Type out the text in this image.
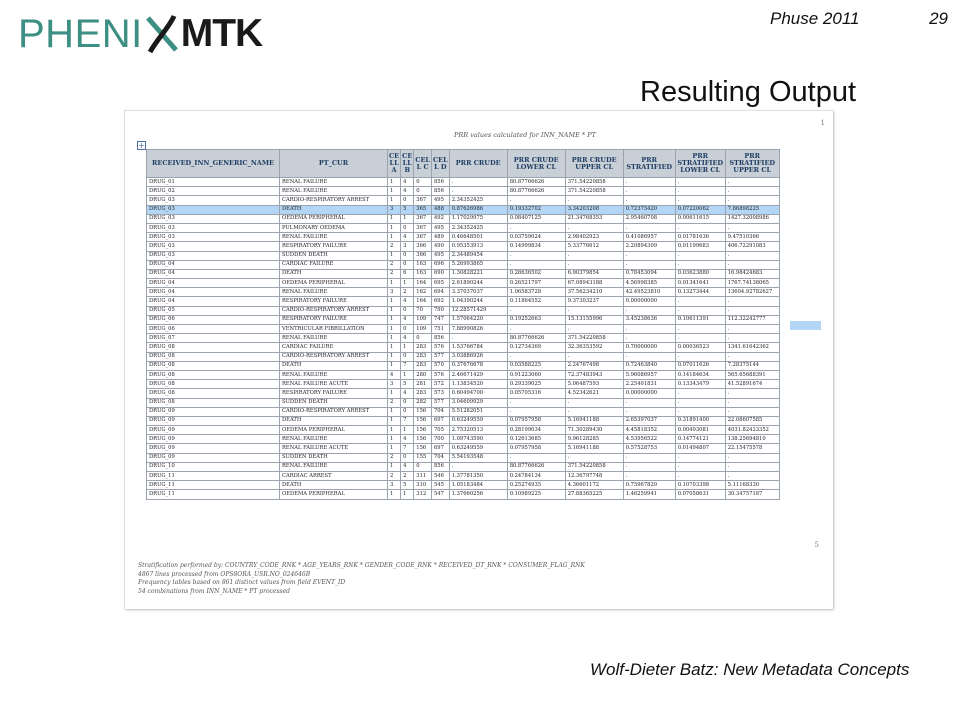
PHENI MTK	Phuse 2011	29
Resulting Output
1
5
+
PRR values calculated for INN_NAME * PT
RECEIVED_INN_GENERIC_NAME	PT_CUR	CE LL A	CE LL B	CEL L C	CEL L D	PRR CRUDE	PRR CRUDE LOWER CL	PRR CRUDE UPPER CL	PRR STRATIFIED	PRR STRATIFIED LOWER CL	PRR STRATIFIED UPPER CL
DRUG_01	RENAL FAILURE	1	4	0	856	.	80.87766626	371.54220858	.	.	.
DRUG_02	RENAL FAILURE	1	4	0	856	.	80.87766626	371.54220858	.	.	.
DRUG_03	CARDIO-RESPIRATORY ARREST	1	0	367	495	2.34352425	.	.	.	.	.
DRUG_03	DEATH	3	5	365	488	0.87626986	0.19332702	3.34203208	0.72375420	0.07220062	7.86898225
DRUG_03	OEDEMA PERIPHERAL	1	1	367	492	1.17029975	0.08407125	21.34768353	2.95460708	0.00611615	1427.32008986
DRUG_03	PULMONARY OEDEMA	1	0	367	495	2.34352425	.	.	.	.	.
DRUG_03	RENAL FAILURE	1	4	367	489	0.46648501	0.03759024	2.98402923	0.41086957	0.01781636	9.47510366
DRUG_03	RESPIRATORY FAILURE	2	3	366	490	0.95353913	0.14999834	5.33776612	2.20894309	0.01199683	406.72291083
DRUG_03	SUDDEN DEATH	1	0	366	495	2.34489454	.	.	.	.	.
DRUG_04	CARDIAC FAILURE	2	0	163	696	5.26993865	.	.	.	.	.
DRUG_04	DEATH	2	6	163	690	1.30828221	0.28636502	6.90379854	0.78453094	0.03623880	16.98424683
DRUG_04	OEDEMA PERIPHERAL	1	1	164	695	2.61890244	0.26521797	67.08943188	4.56998385	0.01341641	1767.74138065
DRUG_04	RENAL FAILURE	3	2	162	694	3.37037037	1.06583728	37.56234210	42.49523810	0.13273444	13604.92782627
DRUG_04	RESPIRATORY FAILURE	1	4	164	692	1.04390244	0.11864552	9.37303237	0.00000000	.	.
DRUG_05	CARDIO-RESPIRATORY ARREST	1	0	70	790	12.28571429	.	.	.	.	.
DRUG_06	RESPIRATORY FAILURE	1	4	109	747	1.57064220	0.19252663	15.13155996	3.45238636	0.10611391	112.32242777
DRUG_06	VENTRICULAR FIBRILLATION	1	0	109	751	7.88990826	.	.	.	.	.
DRUG_07	RENAL FAILURE	1	4	0	856	.	80.87766626	371.54220858	.	.	.
DRUG_08	CARDIAC FAILURE	1	1	283	576	1.53766784	0.12734369	32.36353592	0.70000000	0.00036523	1341.61642362
DRUG_08	CARDIO-RESPIRATORY ARREST	1	0	283	577	3.03886926	.	.	.	.	.
DRUG_08	DEATH	1	7	283	570	0.37676678	0.03588225	2.24767498	0.72463840	0.07011626	7.28375144
DRUG_08	RENAL FAILURE	4	1	280	576	2.46671429	0.91223060	72.37483943	5.96086957	0.14184634	565.65688391
DRUG_08	RENAL FAILURE ACUTE	3	5	281	572	1.13834520	0.29339025	5.06487593	2.25401831	0.13343479	41.52891674
DRUG_08	RESPIRATORY FAILURE	1	4	283	573	0.60494700	0.05705316	4.52342621	0.00000000	.	.
DRUG_08	SUDDEN DEATH	2	0	282	577	3.04609929	.	.	.	.	.
DRUG_09	CARDIO-RESPIRATORY ARREST	1	0	156	704	5.51282051	.	.	.	.	.
DRUG_09	DEATH	1	7	156	697	0.63249559	0.07957958	5.16941188	2.65397037	0.31891400	22.08607585
DRUG_09	OEDEMA PERIPHERAL	1	1	156	705	2.75320513	0.28199034	71.30289430	4.45818352	0.00493081	4031.82423352
DRUG_09	RENAL FAILURE	1	4	156	700	1.09743590	0.12613685	9.96128285	4.53956522	0.14774121	138.25694810
DRUG_09	RENAL FAILURE ACUTE	1	7	156	697	0.63249559	0.07957958	5.16941188	0.57528753	0.01494807	22.15475578
DRUG_09	SUDDEN DEATH	2	0	155	704	5.54193548	.	.	.	.	.
DRUG_10	RENAL FAILURE	1	4	0	856	.	80.87766626	371.54220858	.	.	.
DRUG_11	CARDIAC ARREST	2	2	311	546	1.37781350	0.24784134	12.36797748	.	.	.
DRUG_11	DEATH	3	5	310	545	1.05183484	0.25274935	4.36601172	0.75967829	0.10703398	5.11168330
DRUG_11	OEDEMA PERIPHERAL	1	1	312	547	1.37660256	0.10989225	27.88365225	1.46259941	0.07058631	30.34757187
Stratification performed by: COUNTRY_CODE_RNK * AGE_YEARS_RNK * GENDER_CODE_RNK * RECEIVED_DT_RNK * CONSUMER_FLAG_RNK
4867 lines processed from OPS8ORA_USR.NO_024646B
Frequency tables based on 861 distinct values from field EVENT_ID
54 combinations from INN_NAME * PT processed
Wolf-Dieter Batz: New Metadata Concepts
